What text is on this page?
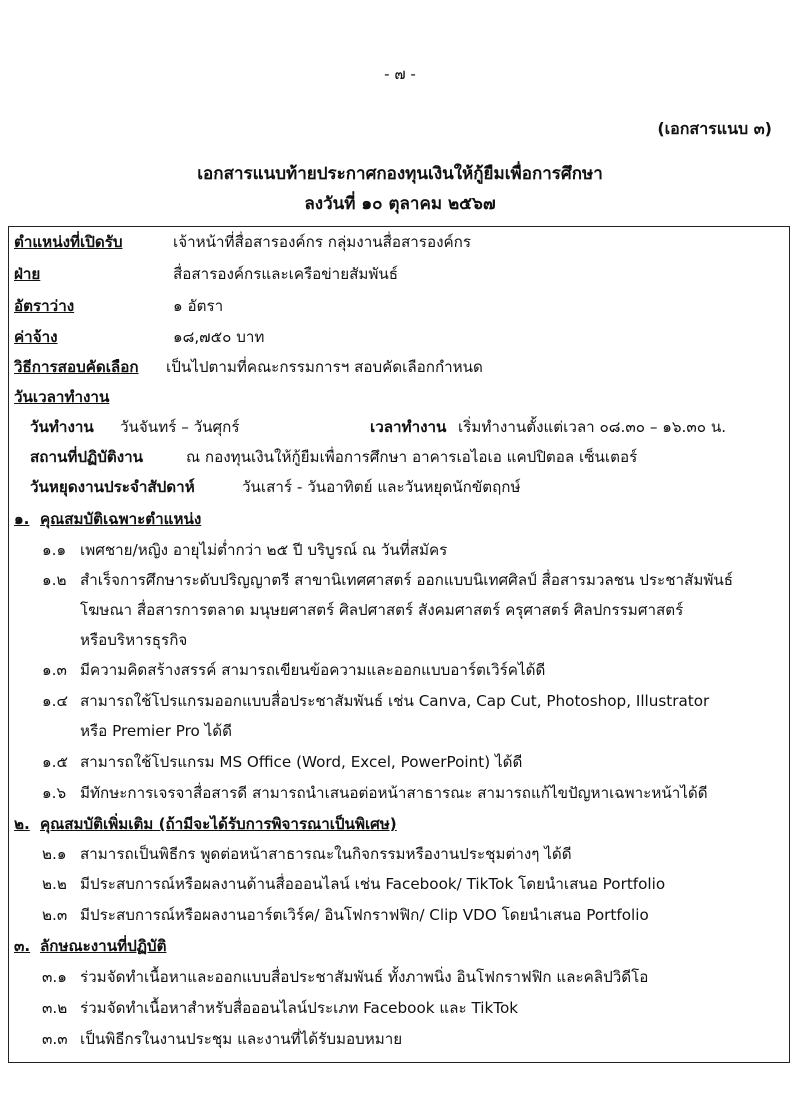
- ๗ -
(เอกสารแนบ ๓)
เอกสารแนบท้ายประกาศกองทุนเงินให้กู้ยืมเพื่อการศึกษา
ลงวันที่ ๑๐ ตุลาคม ๒๕๖๗
ตำแหน่งที่เปิดรับ	เจ้าหน้าที่สื่อสารองค์กร กลุ่มงานสื่อสารองค์กร
ฝ่าย	สื่อสารองค์กรและเครือข่ายสัมพันธ์
อัตราว่าง	๑ อัตรา
ค่าจ้าง	๑๘,๗๕๐ บาท
วิธีการสอบคัดเลือก เป็นไปตามที่คณะกรรมการฯ สอบคัดเลือกกำหนด
วันเวลาทำงาน
วันทำงาน วันจันทร์ – วันศุกร์	เวลาทำงาน เริ่มทำงานตั้งแต่เวลา ๐๘.๓๐ – ๑๖.๓๐ น.
สถานที่ปฏิบัติงาน	ณ กองทุนเงินให้กู้ยืมเพื่อการศึกษา อาคารเอไอเอ แคปปิตอล เซ็นเตอร์
วันหยุดงานประจำสัปดาห์	วันเสาร์ - วันอาทิตย์ และวันหยุดนักขัตฤกษ์
๑. คุณสมบัติเฉพาะตำแหน่ง
๑.๑ เพศชาย/หญิง อายุไม่ต่ำกว่า ๒๕ ปี บริบูรณ์ ณ วันที่สมัคร
๑.๒ สำเร็จการศึกษาระดับปริญญาตรี สาขานิเทศศาสตร์ ออกแบบนิเทศศิลป์ สื่อสารมวลชน ประชาสัมพันธ์
โฆษณา สื่อสารการตลาด มนุษยศาสตร์ ศิลปศาสตร์ สังคมศาสตร์ ครุศาสตร์ ศิลปกรรมศาสตร์
หรือบริหารธุรกิจ
๑.๓ มีความคิดสร้างสรรค์ สามารถเขียนข้อความและออกแบบอาร์ตเวิร์คได้ดี
๑.๔ สามารถใช้โปรแกรมออกแบบสื่อประชาสัมพันธ์ เช่น Canva, Cap Cut, Photoshop, Illustrator
หรือ Premier Pro ได้ดี
๑.๕ สามารถใช้โปรแกรม MS Office (Word, Excel, PowerPoint) ได้ดี
๑.๖ มีทักษะการเจรจาสื่อสารดี สามารถนำเสนอต่อหน้าสาธารณะ สามารถแก้ไขปัญหาเฉพาะหน้าได้ดี
๒. คุณสมบัติเพิ่มเติม (ถ้ามีจะได้รับการพิจารณาเป็นพิเศษ)
๒.๑ สามารถเป็นพิธีกร พูดต่อหน้าสาธารณะในกิจกรรมหรืองานประชุมต่างๆ ได้ดี
๒.๒ มีประสบการณ์หรือผลงานด้านสื่อออนไลน์ เช่น Facebook/ TikTok โดยนำเสนอ Portfolio
๒.๓ มีประสบการณ์หรือผลงานอาร์ตเวิร์ค/ อินโฟกราฟฟิก/ Clip VDO โดยนำเสนอ Portfolio
๓. ลักษณะงานที่ปฏิบัติ
๓.๑ ร่วมจัดทำเนื้อหาและออกแบบสื่อประชาสัมพันธ์ ทั้งภาพนิ่ง อินโฟกราฟฟิก และคลิปวิดีโอ
๓.๒ ร่วมจัดทำเนื้อหาสำหรับสื่อออนไลน์ประเภท Facebook และ TikTok
๓.๓ เป็นพิธีกรในงานประชุม และงานที่ได้รับมอบหมาย
